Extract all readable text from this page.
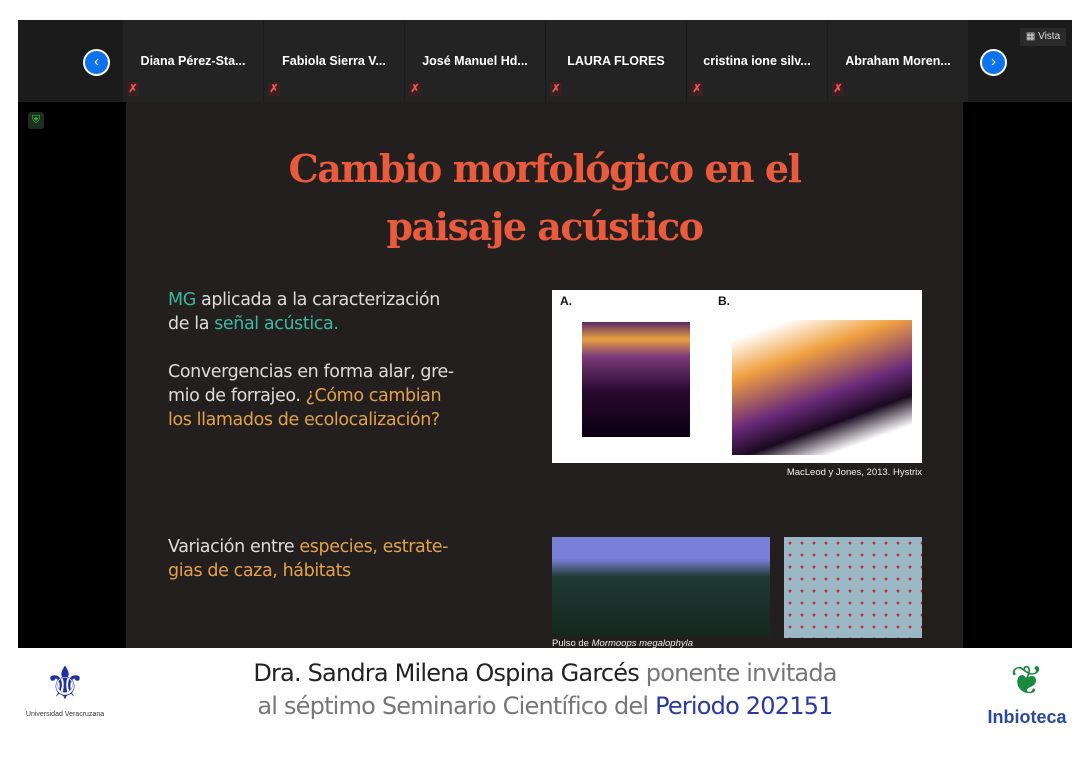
‹	Diana Pérez-Sta...
✗
Fabiola Sierra V...
✗
José Manuel Hd...
✗
LAURA FLORES
✗
cristina ione silv...
✗
Abraham Moren...
✗
›
▦ Vista
⛨
Cambio morfológico en el
paisaje acústico
MG aplicada a la caracterización
de la señal acústica.
Convergencias en forma alar, gre-
mio de forrajeo. ¿Cómo cambian
los llamados de ecolocalización?
Variación entre especies, estrate-
gias de caza, hábitats
A.	B.
MacLeod y Jones, 2013. Hystrix
Pulso de Mormoops megalophyla
⚜
Universidad Veracruzana
Dra. Sandra Milena Ospina Garcés ponente invitada
al séptimo Seminario Científico del Periodo 202151
❦
Inbioteca
